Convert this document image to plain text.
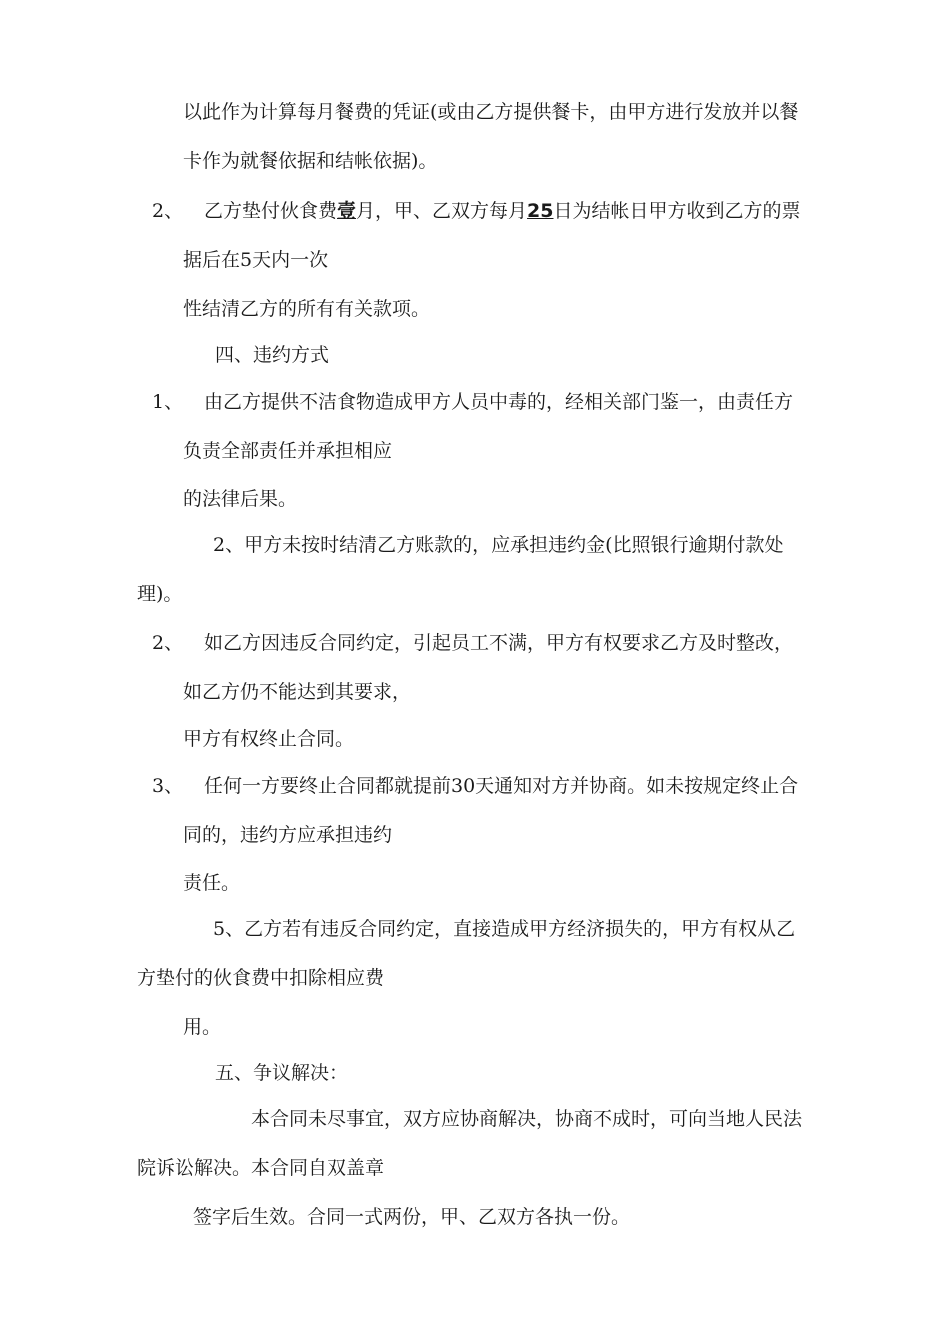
以此作为计算每月餐费的凭证(或由乙方提供餐卡，由甲方进行发放并以餐
卡作为就餐依据和结帐依据)。
2、 乙方垫付伙食费壹月，甲、乙双方每月25日为结帐日甲方收到乙方的票
据后在5天内一次
性结清乙方的所有有关款项。
四、违约方式
1、 由乙方提供不洁食物造成甲方人员中毒的，经相关部门鉴一，由责任方
负责全部责任并承担相应
的法律后果。
2、甲方未按时结清乙方账款的，应承担违约金(比照银行逾期付款处
理)。
2、 如乙方因违反合同约定，引起员工不满，甲方有权要求乙方及时整改，
如乙方仍不能达到其要求，
甲方有权终止合同。
3、 任何一方要终止合同都就提前30天通知对方并协商。如未按规定终止合
同的，违约方应承担违约
责任。
5、乙方若有违反合同约定，直接造成甲方经济损失的，甲方有权从乙
方垫付的伙食费中扣除相应费
用。
五、争议解决：
本合同未尽事宜，双方应协商解决，协商不成时，可向当地人民法
院诉讼解决。本合同自双盖章
签字后生效。合同一式两份，甲、乙双方各执一份。
